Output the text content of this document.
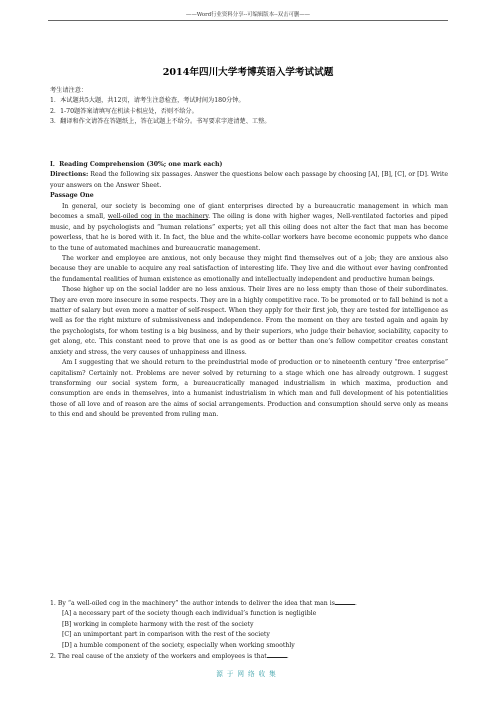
——Word行业资料分享--可编辑版本--双击可删——
2014年四川大学考博英语入学考试试题
考生请注意：
1．本试题共5大题，共12页，请考生注意检查，考试时间为180分钟。
2．1-70题答案请填写在机读卡相应处，否则不给分。
3．翻译和作文请答在答题纸上，答在试题上不给分。书写要求字迹清楚、工整。
I．Reading Comprehension (30%; one mark each)
Directions: Read the following six passages. Answer the questions below each passage by choosing [A], [B], [C], or [D]. Write your answers on the Answer Sheet.
Passage One

In general, our society is becoming one of giant enterprises directed by a bureaucratic management in which man becomes a small, well-oiled cog in the machinery. The oiling is done with higher wages, Nell-ventilated factories and piped music, and by psychologists and “human relations” experts; yet all this oiling does not alter the fact that man has become powerless, that he is bored with it. In fact, the blue and the white-collar workers have become economic puppets who dance to the tune of automated machines and bureaucratic management.

The worker and employee are anxious, not only because they might find themselves out of a job; they are anxious also because they are unable to acquire any real satisfaction of interesting life. They live and die without ever having confronted the fundamental realities of human existence as emotionally and intellectually independent and productive human beings.

Those higher up on the social ladder are no less anxious. Their lives are no less empty than those of their subordinates. They are even more insecure in some respects. They are in a highly competitive race. To be promoted or to fall behind is not a matter of salary but even more a matter of self-respect. When they apply for their first job, they are tested for intelligence as well as for the right mixture of submissiveness and independence. From the moment on they are tested again and again by the psychologists, for whom testing is a big business, and by their superiors, who judge their behavior, sociability, capacity to get along, etc. This constant need to prove that one is as good as or better than one’s fellow competitor creates constant anxiety and stress, the very causes of unhappiness and illness.

Am I suggesting that we should return to the preindustrial mode of production or to nineteenth century “free enterprise” capitalism? Certainly not. Problems are never solved by returning to a stage which one has already outgrown. I suggest transforming our social system form, a bureaucratically managed industrialism in which maxima, production and consumption are ends in themselves, into a humanist industrialism in which man and full development of his potentialities those of all love and of reason are the aims of social arrangements. Production and consumption should serve only as means to this end and should be prevented from ruling man.

1. By “a well-oiled cog in the machinery” the author intends to deliver the idea that man is	.
[A] a necessary part of the society though each individual’s function is negligible
[B] working in complete harmony with the rest of the society
[C] an unimportant part in comparison with the rest of the society
[D] a humble component of the society, especially when working smoothly
2. The real cause of the anxiety of the workers and employees is that	.
源于网络收集
